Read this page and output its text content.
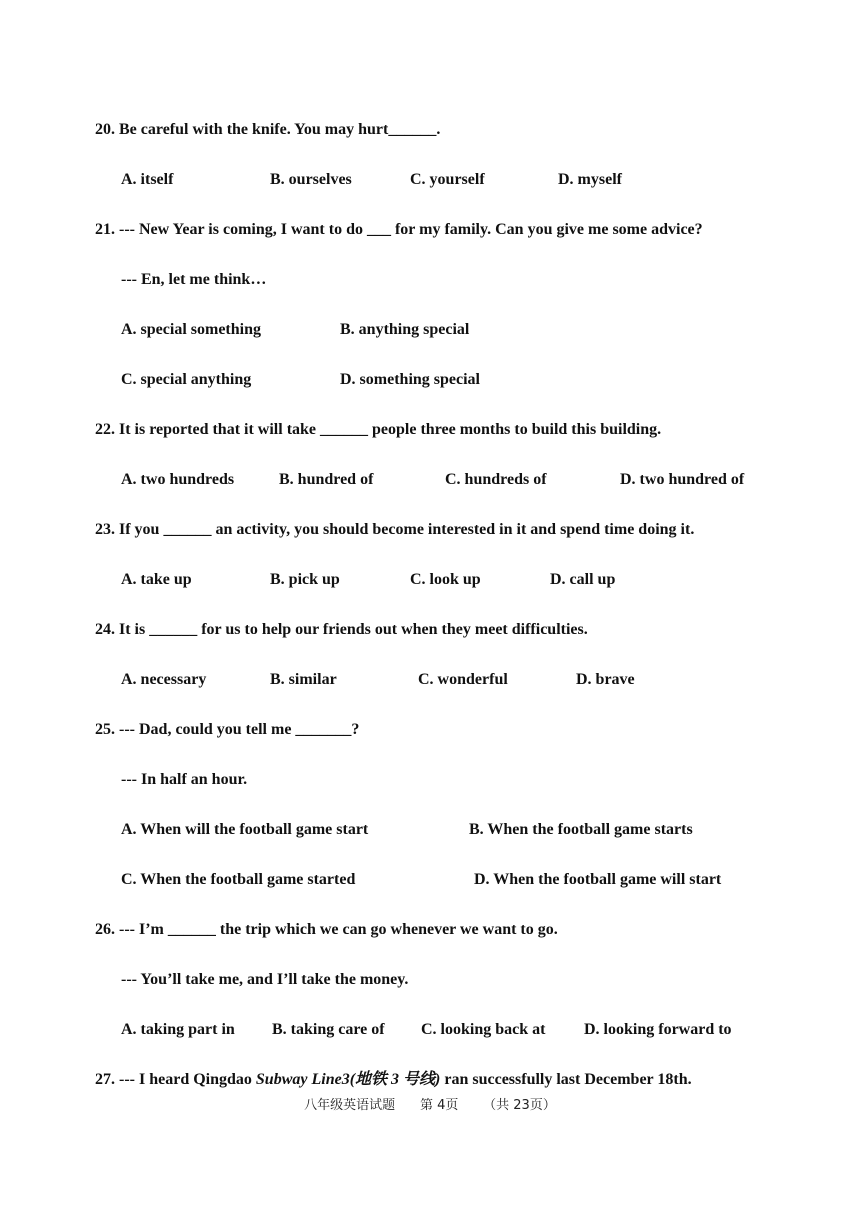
20. Be careful with the knife. You may hurt______.
A. itself	B. ourselves	C. yourself	D. myself
21. --- New Year is coming, I want to do ___ for my family. Can you give me some advice?
--- En, let me think…
A. special something	B. anything special
C. special anything	D. something special
22. It is reported that it will take ______ people three months to build this building.
A. two hundreds	B. hundred of	C. hundreds of	D. two hundred of
23. If you ______ an activity, you should become interested in it and spend time doing it.
A. take up	B. pick up	C. look up	D. call up
24. It is ______ for us to help our friends out when they meet difficulties.
A. necessary	B. similar	C. wonderful	D. brave
25. --- Dad, could you tell me _______?
--- In half an hour.
A. When will the football game start	B. When the football game starts
C. When the football game started	D. When the football game will start
26. --- I’m ______ the trip which we can go whenever we want to go.
--- You’ll take me, and I’ll take the money.
A. taking part in B. taking care of C. looking back at D. looking forward to
27. --- I heard Qingdao Subway Line3(地铁 3 号线) ran successfully last December 18th.
八年级英语试题 第 4页 （共 23页）
